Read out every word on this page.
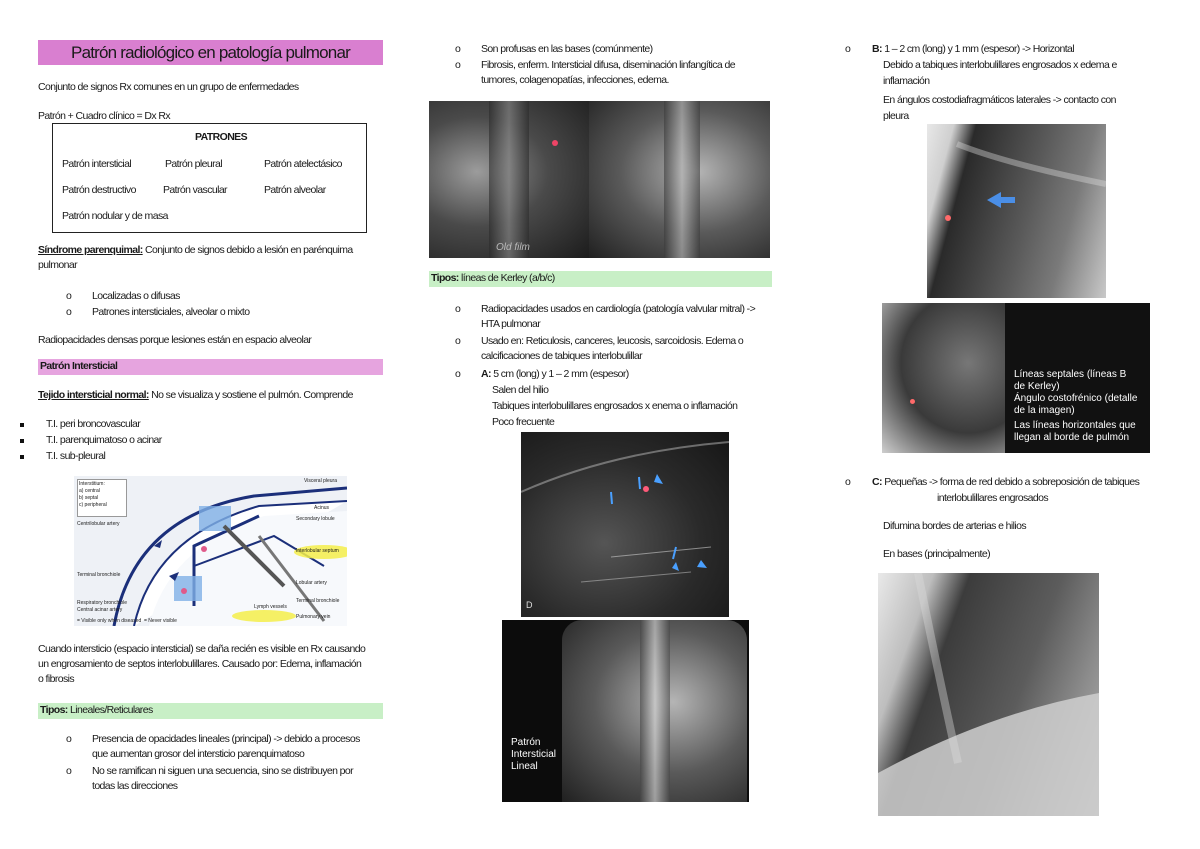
Patrón radiológico en patología pulmonar
Conjunto de signos Rx comunes en un grupo de enfermedades
Patrón + Cuadro clínico = Dx Rx
PATRONES
Patrón intersticial	Patrón pleural	Patrón atelectásico
Patrón destructivo	Patrón vascular	Patrón alveolar
Patrón nodular y de masa
Síndrome parenquimal: Conjunto de signos debido a lesión en parénquima
pulmonar
o Localizadas o difusas
o Patrones intersticiales, alveolar o mixto
Radiopacidades densas porque lesiones están en espacio alveolar
Patrón Intersticial
Tejido intersticial normal: No se visualiza y sostiene el pulmón. Comprende
T.I. peri broncovascular
T.I. parenquimatoso o acinar
T.I. sub-pleural
Interstitium:
a) central
b) septal
c) peripheral
Visceral pleura
Acinus
Secondary lobule
Centrilobular artery
Interlobular septum
Terminal bronchiole
Lobular artery
Terminal bronchiole
Respiratory bronchiole
Central acinar artery	Lymph vessels
Pulmonary vein
= Visible only when diseased = Never visible
Cuando intersticio (espacio intersticial) se daña recién es visible en Rx causando
un engrosamiento de septos interlobulillares. Causado por: Edema, inflamación
o fibrosis
Tipos: Lineales/Reticulares
o Presencia de opacidades lineales (principal) -> debido a procesos
que aumentan grosor del intersticio parenquimatoso
o No se ramifican ni siguen una secuencia, sino se distribuyen por
todas las direcciones
o Son profusas en las bases (comúnmente)
o Fibrosis, enferm. Intersticial difusa, diseminación linfangítica de
tumores, colagenopatías, infecciones, edema.
Old film
Tipos: líneas de Kerley (a/b/c)
o Radiopacidades usados en cardiología (patología valvular mitral) ->
HTA pulmonar
o Usado en: Reticulosis, canceres, leucosis, sarcoidosis. Edema o
calcificaciones de tabiques interlobulillar
o A: 5 cm (long) y 1 – 2 mm (espesor)
Salen del hilio
Tabiques interlobulillares engrosados x enema o inflamación
Poco frecuente
D
Patrón
Intersticial
Lineal
o B: 1 – 2 cm (long) y 1 mm (espesor) -> Horizontal
Debido a tabiques interlobulillares engrosados x edema e
inflamación
En ángulos costodiafragmáticos laterales -> contacto con
pleura
Líneas septales (líneas B
de Kerley)
Ángulo costofrénico (detalle
de la imagen)
Las líneas horizontales que
llegan al borde de pulmón
o C: Pequeñas -> forma de red debido a sobreposición de tabiques
interlobulillares engrosados
Difumina bordes de arterias e hilios
En bases (principalmente)
